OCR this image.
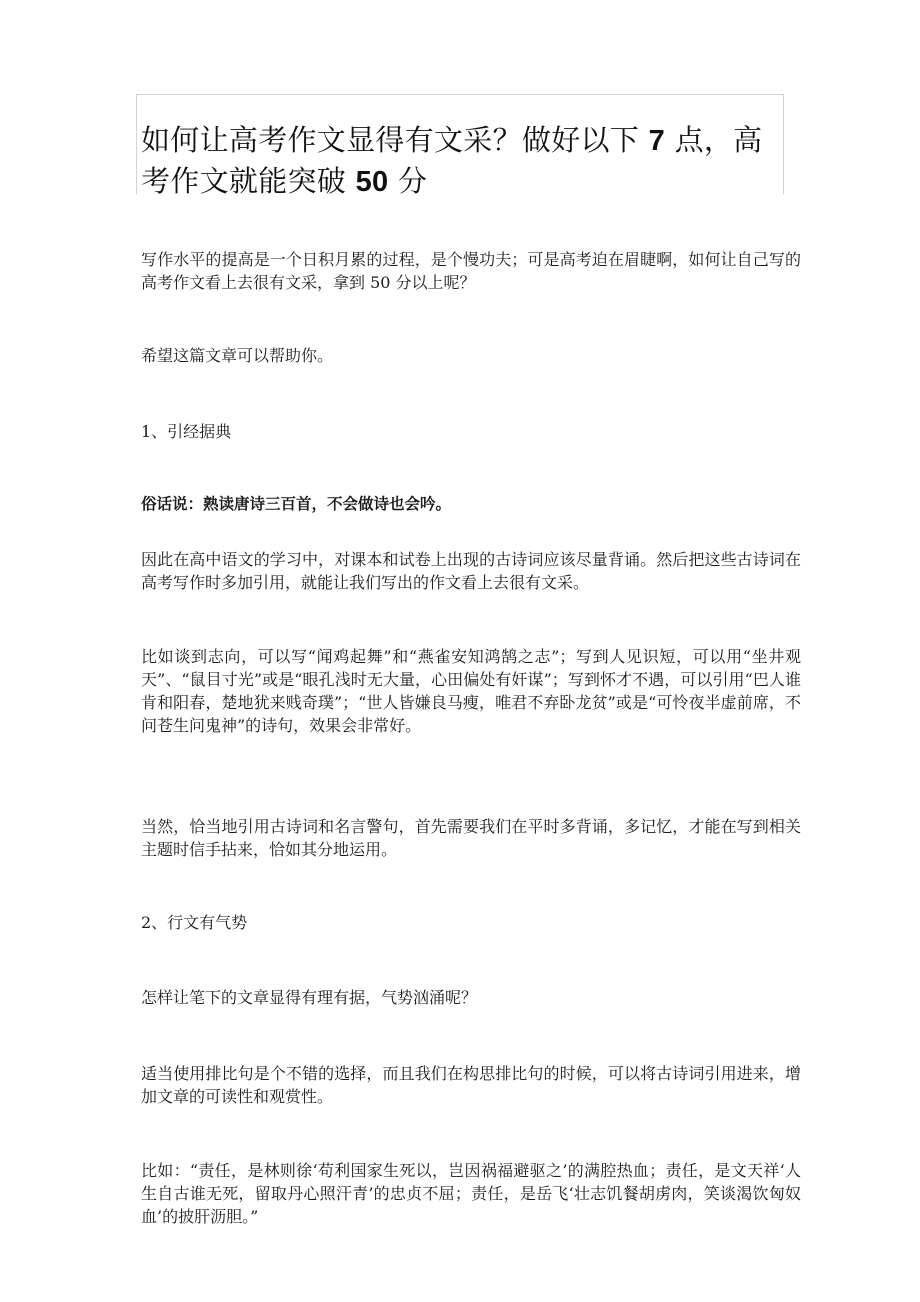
如何让高考作文显得有文采？做好以下 7 点，高考作文就能突破 50 分

写作水平的提高是一个日积月累的过程，是个慢功夫；可是高考迫在眉睫啊，如何让自己写的高考作文看上去很有文采，拿到 50 分以上呢？

希望这篇文章可以帮助你。

1、引经据典

俗话说：熟读唐诗三百首，不会做诗也会吟。

因此在高中语文的学习中，对课本和试卷上出现的古诗词应该尽量背诵。然后把这些古诗词在高考写作时多加引用，就能让我们写出的作文看上去很有文采。

比如谈到志向，可以写“闻鸡起舞”和“燕雀安知鸿鹄之志”；写到人见识短，可以用“坐井观天”、“鼠目寸光”或是“眼孔浅时无大量，心田偏处有奸谋”；写到怀才不遇，可以引用“巴人谁肯和阳春，楚地犹来贱奇璞”；“世人皆嫌良马瘦，唯君不弃卧龙贫”或是“可怜夜半虚前席，不问苍生问鬼神”的诗句，效果会非常好。

当然，恰当地引用古诗词和名言警句，首先需要我们在平时多背诵，多记忆，才能在写到相关主题时信手拈来，恰如其分地运用。

2、行文有气势

怎样让笔下的文章显得有理有据，气势汹涌呢？

适当使用排比句是个不错的选择，而且我们在构思排比句的时候，可以将古诗词引用进来，增加文章的可读性和观赏性。

比如：“责任，是林则徐‘苟利国家生死以，岂因祸福避驱之’的满腔热血；责任，是文天祥‘人生自古谁无死，留取丹心照汗青’的忠贞不屈；责任，是岳飞‘壮志饥餐胡虏肉，笑谈渴饮匈奴血’的披肝沥胆。”
